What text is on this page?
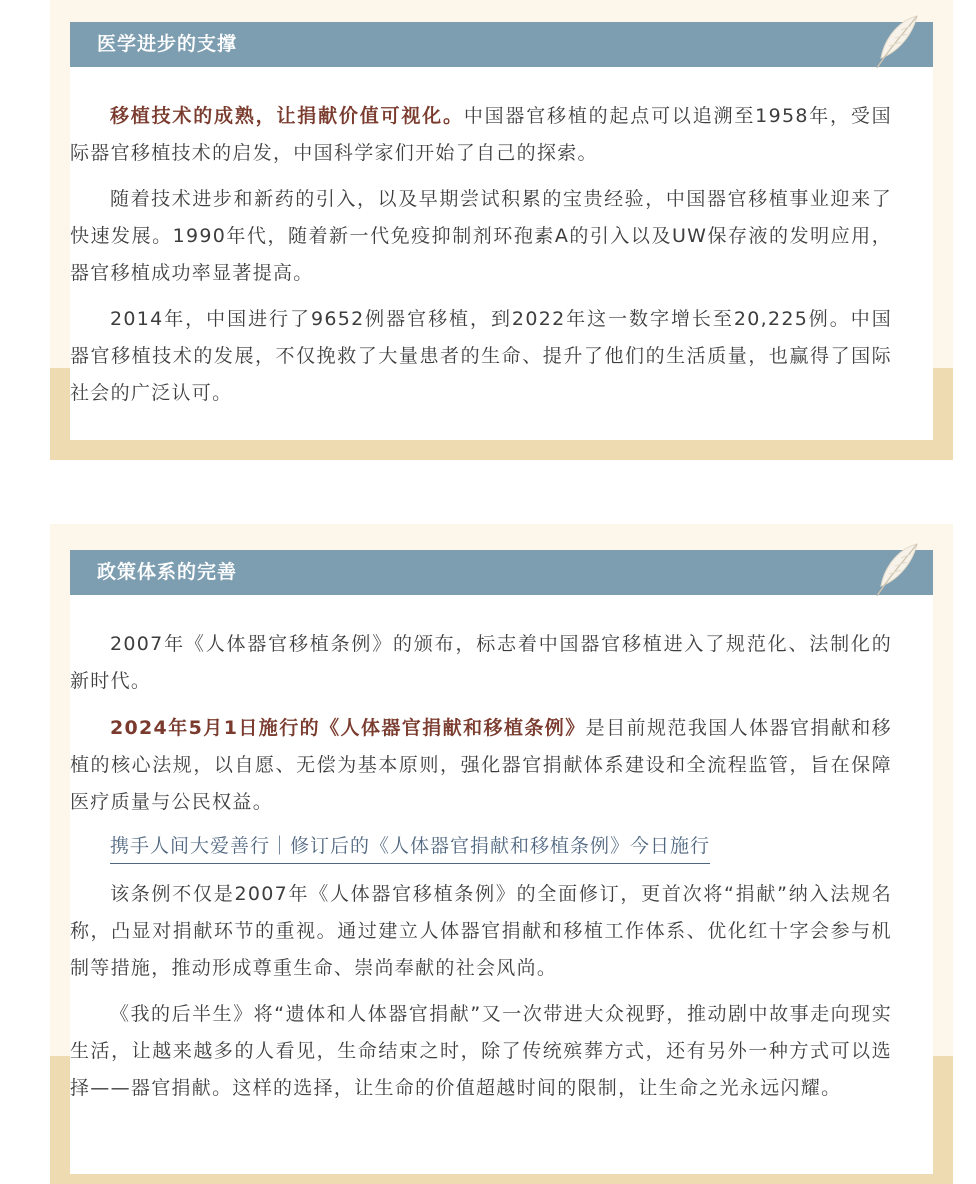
医学进步的支撑

移植技术的成熟，让捐献价值可视化。中国器官移植的起点可以追溯至1958年，受国际器官移植技术的启发，中国科学家们开始了自己的探索。

随着技术进步和新药的引入，以及早期尝试积累的宝贵经验，中国器官移植事业迎来了快速发展。1990年代，随着新一代免疫抑制剂环孢素A的引入以及UW保存液的发明应用，器官移植成功率显著提高。

2014年，中国进行了9652例器官移植，到2022年这一数字增长至20,225例。中国器官移植技术的发展，不仅挽救了大量患者的生命、提升了他们的生活质量，也赢得了国际社会的广泛认可。

政策体系的完善

2007年《人体器官移植条例》的颁布，标志着中国器官移植进入了规范化、法制化的新时代。

2024年5月1日施行的《人体器官捐献和移植条例》是目前规范我国人体器官捐献和移植的核心法规，以自愿、无偿为基本原则，强化器官捐献体系建设和全流程监管，旨在保障医疗质量与公民权益。

携手人间大爱善行｜修订后的《人体器官捐献和移植条例》今日施行

该条例不仅是2007年《人体器官移植条例》的全面修订，更首次将“捐献”纳入法规名称，凸显对捐献环节的重视。通过建立人体器官捐献和移植工作体系、优化红十字会参与机制等措施，推动形成尊重生命、崇尚奉献的社会风尚。

《我的后半生》将“遗体和人体器官捐献”又一次带进大众视野，推动剧中故事走向现实生活，让越来越多的人看见，生命结束之时，除了传统殡葬方式，还有另外一种方式可以选择——器官捐献。这样的选择，让生命的价值超越时间的限制，让生命之光永远闪耀。
